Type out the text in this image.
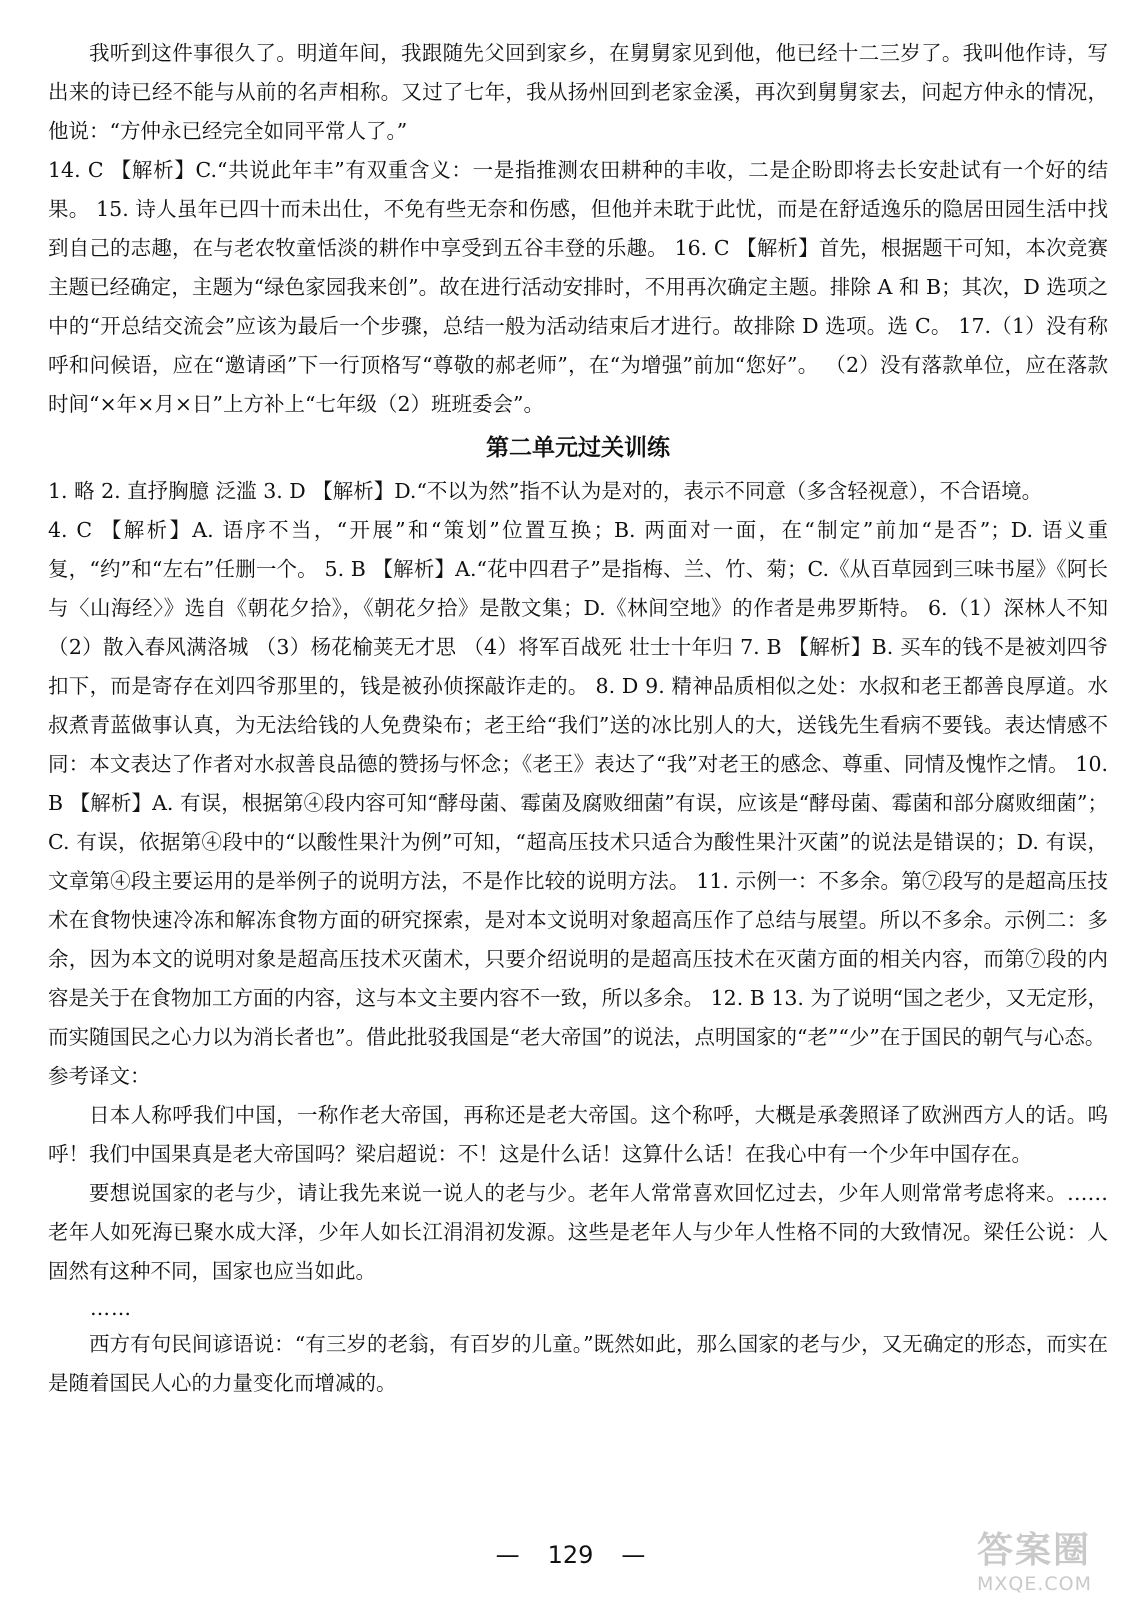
我听到这件事很久了。明道年间，我跟随先父回到家乡，在舅舅家见到他，他已经十二三岁了。我叫他作诗，写出来的诗已经不能与从前的名声相称。又过了七年，我从扬州回到老家金溪，再次到舅舅家去，问起方仲永的情况，他说：“方仲永已经完全如同平常人了。”

14. C 【解析】C.“共说此年丰”有双重含义：一是指推测农田耕种的丰收，二是企盼即将去长安赴试有一个好的结果。 15. 诗人虽年已四十而未出仕，不免有些无奈和伤感，但他并未耽于此忧，而是在舒适逸乐的隐居田园生活中找到自己的志趣，在与老农牧童恬淡的耕作中享受到五谷丰登的乐趣。 16. C 【解析】首先，根据题干可知，本次竞赛主题已经确定，主题为“绿色家园我来创”。故在进行活动安排时，不用再次确定主题。排除 A 和 B；其次，D 选项之中的“开总结交流会”应该为最后一个步骤，总结一般为活动结束后才进行。故排除 D 选项。选 C。 17.（1）没有称呼和问候语，应在“邀请函”下一行顶格写“尊敬的郝老师”，在“为增强”前加“您好”。 （2）没有落款单位，应在落款时间“×年×月×日”上方补上“七年级（2）班班委会”。

第二单元过关训练

1. 略 2. 直抒胸臆 泛滥 3. D 【解析】D.“不以为然”指不认为是对的，表示不同意（多含轻视意），不合语境。

4. C 【解析】A. 语序不当，“开展”和“策划”位置互换；B. 两面对一面，在“制定”前加“是否”；D. 语义重复，“约”和“左右”任删一个。 5. B 【解析】A.“花中四君子”是指梅、兰、竹、菊；C.《从百草园到三味书屋》《阿长与〈山海经〉》选自《朝花夕拾》，《朝花夕拾》是散文集；D.《林间空地》的作者是弗罗斯特。 6.（1）深林人不知 （2）散入春风满洛城 （3）杨花榆荚无才思 （4）将军百战死 壮士十年归 7. B 【解析】B. 买车的钱不是被刘四爷扣下，而是寄存在刘四爷那里的，钱是被孙侦探敲诈走的。 8. D 9. 精神品质相似之处：水叔和老王都善良厚道。水叔煮青蓝做事认真，为无法给钱的人免费染布；老王给“我们”送的冰比别人的大，送钱先生看病不要钱。表达情感不同：本文表达了作者对水叔善良品德的赞扬与怀念；《老王》表达了“我”对老王的感念、尊重、同情及愧怍之情。 10. B 【解析】A. 有误，根据第④段内容可知“酵母菌、霉菌及腐败细菌”有误，应该是“酵母菌、霉菌和部分腐败细菌”；C. 有误，依据第④段中的“以酸性果汁为例”可知，“超高压技术只适合为酸性果汁灭菌”的说法是错误的；D. 有误，文章第④段主要运用的是举例子的说明方法，不是作比较的说明方法。 11. 示例一：不多余。第⑦段写的是超高压技术在食物快速冷冻和解冻食物方面的研究探索，是对本文说明对象超高压作了总结与展望。所以不多余。示例二：多余，因为本文的说明对象是超高压技术灭菌术，只要介绍说明的是超高压技术在灭菌方面的相关内容，而第⑦段的内容是关于在食物加工方面的内容，这与本文主要内容不一致，所以多余。 12. B 13. 为了说明“国之老少，又无定形，而实随国民之心力以为消长者也”。借此批驳我国是“老大帝国”的说法，点明国家的“老”“少”在于国民的朝气与心态。

参考译文：

日本人称呼我们中国，一称作老大帝国，再称还是老大帝国。这个称呼，大概是承袭照译了欧洲西方人的话。呜呼！我们中国果真是老大帝国吗？梁启超说：不！这是什么话！这算什么话！在我心中有一个少年中国存在。

要想说国家的老与少，请让我先来说一说人的老与少。老年人常常喜欢回忆过去，少年人则常常考虑将来。……老年人如死海已聚水成大泽，少年人如长江涓涓初发源。这些是老年人与少年人性格不同的大致情况。梁任公说：人固然有这种不同，国家也应当如此。

……

西方有句民间谚语说：“有三岁的老翁，有百岁的儿童。”既然如此，那么国家的老与少，又无确定的形态，而实在是随着国民人心的力量变化而增减的。

— 129 —	答案圈
MXQE.COM
